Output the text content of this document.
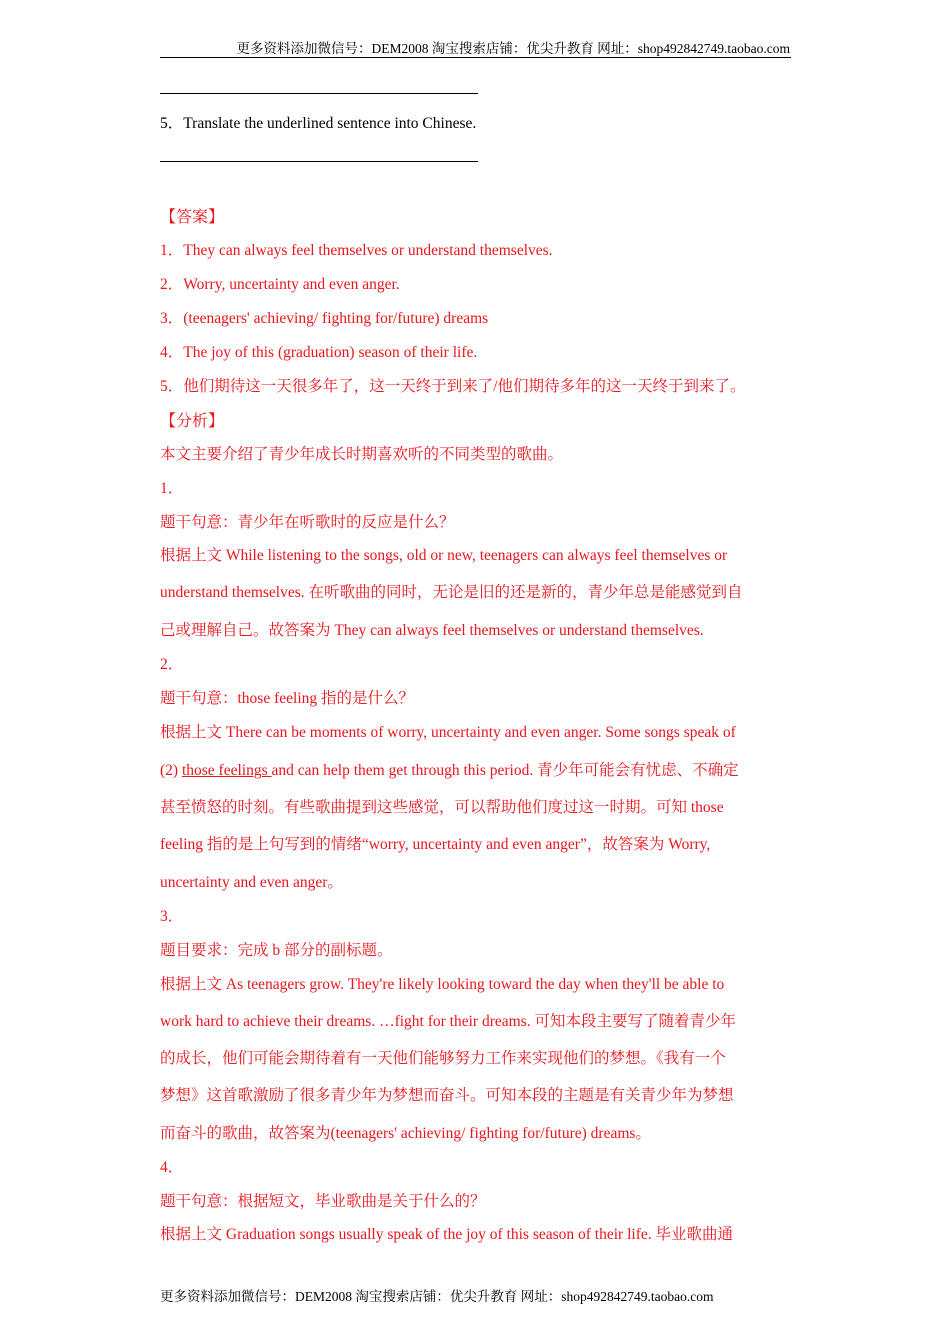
更多资料添加微信号：DEM2008 淘宝搜索店铺：优尖升教育 网址：shop492842749.taobao.com
5．Translate the underlined sentence into Chinese.
【答案】
1．They can always feel themselves or understand themselves.
2．Worry, uncertainty and even anger.
3．(teenagers' achieving/ fighting for/future) dreams
4．The joy of this (graduation) season of their life.
5．他们期待这一天很多年了，这一天终于到来了/他们期待多年的这一天终于到来了。
【分析】
本文主要介绍了青少年成长时期喜欢听的不同类型的歌曲。
1．
题干句意：青少年在听歌时的反应是什么？
根据上文 While listening to the songs, old or new, teenagers can always feel themselves or
understand themselves. 在听歌曲的同时，无论是旧的还是新的，青少年总是能感觉到自
己或理解自己。故答案为 They can always feel themselves or understand themselves.
2．
题干句意：those feeling 指的是什么？
根据上文 There can be moments of worry, uncertainty and even anger. Some songs speak of
(2) those feelings and can help them get through this period. 青少年可能会有忧虑、不确定
甚至愤怒的时刻。有些歌曲提到这些感觉，可以帮助他们度过这一时期。可知 those
feeling 指的是上句写到的情绪“worry, uncertainty and even anger”，故答案为 Worry,
uncertainty and even anger。
3．
题目要求：完成 b 部分的副标题。
根据上文 As teenagers grow. They're likely looking toward the day when they'll be able to
work hard to achieve their dreams. …fight for their dreams. 可知本段主要写了随着青少年
的成长，他们可能会期待着有一天他们能够努力工作来实现他们的梦想。《我有一个
梦想》这首歌激励了很多青少年为梦想而奋斗。可知本段的主题是有关青少年为梦想
而奋斗的歌曲，故答案为(teenagers' achieving/ fighting for/future) dreams。
4．
题干句意：根据短文，毕业歌曲是关于什么的？
根据上文 Graduation songs usually speak of the joy of this season of their life. 毕业歌曲通
更多资料添加微信号：DEM2008 淘宝搜索店铺：优尖升教育 网址：shop492842749.taobao.com
